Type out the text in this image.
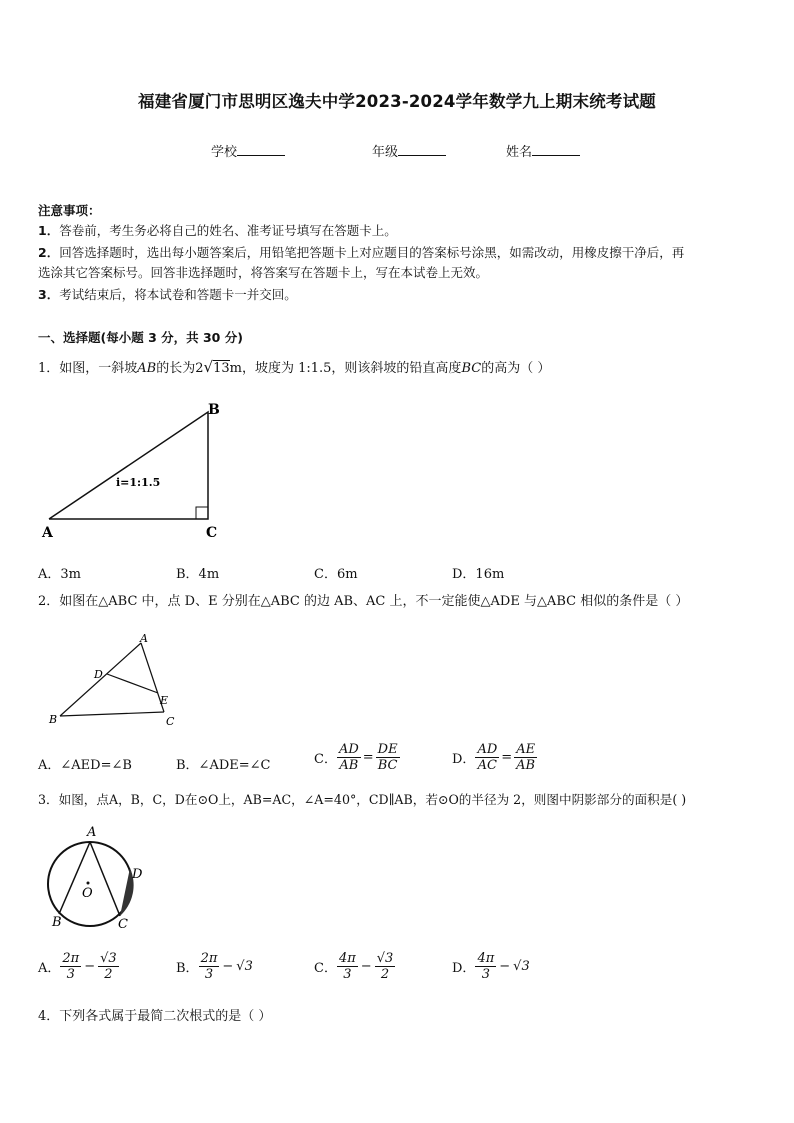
福建省厦门市思明区逸夫中学2023-2024学年数学九上期末统考试题
学校	年级	姓名
注意事项：
1．答卷前，考生务必将自己的姓名、准考证号填写在答题卡上。
2．回答选择题时，选出每小题答案后，用铅笔把答题卡上对应题目的答案标号涂黑，如需改动，用橡皮擦干净后，再
选涂其它答案标号。回答非选择题时，将答案写在答题卡上，写在本试卷上无效。
3．考试结束后，将本试卷和答题卡一并交回。
一、选择题(每小题 3 分，共 30 分)
1．如图，一斜坡AB的长为2√13m，坡度为 1:1.5，则该斜坡的铅直高度BC的高为（ ）
A
B
C
i=1:1.5
A．3m	B．4m	C．6m	D．16m
2．如图在△ABC 中，点 D、E 分别在△ABC 的边 AB、AC 上，不一定能使△ADE 与△ABC 相似的条件是（ ）
A
B	C
D
E
A．∠AED=∠B	B．∠ADE=∠C	C． $\frac{AD}{AB} = \frac{DE}{BC}$	D． $\frac{AD}{AC} = \frac{AE}{AB}$
3．如图，点A，B，C，D在⊙O上，AB=AC，∠A=40°，CD∥AB，若⊙O的半径为 2，则图中阴影部分的面积是( )
A
B	C
D
O
A． $\frac{2\pi}{3} - \frac{√3}{2}$	B． $\frac{2\pi}{3} - √3$	C． $\frac{4\pi}{3} - \frac{√3}{2}$	D． $\frac{4\pi}{3} - √3$
4．下列各式属于最简二次根式的是（ ）
